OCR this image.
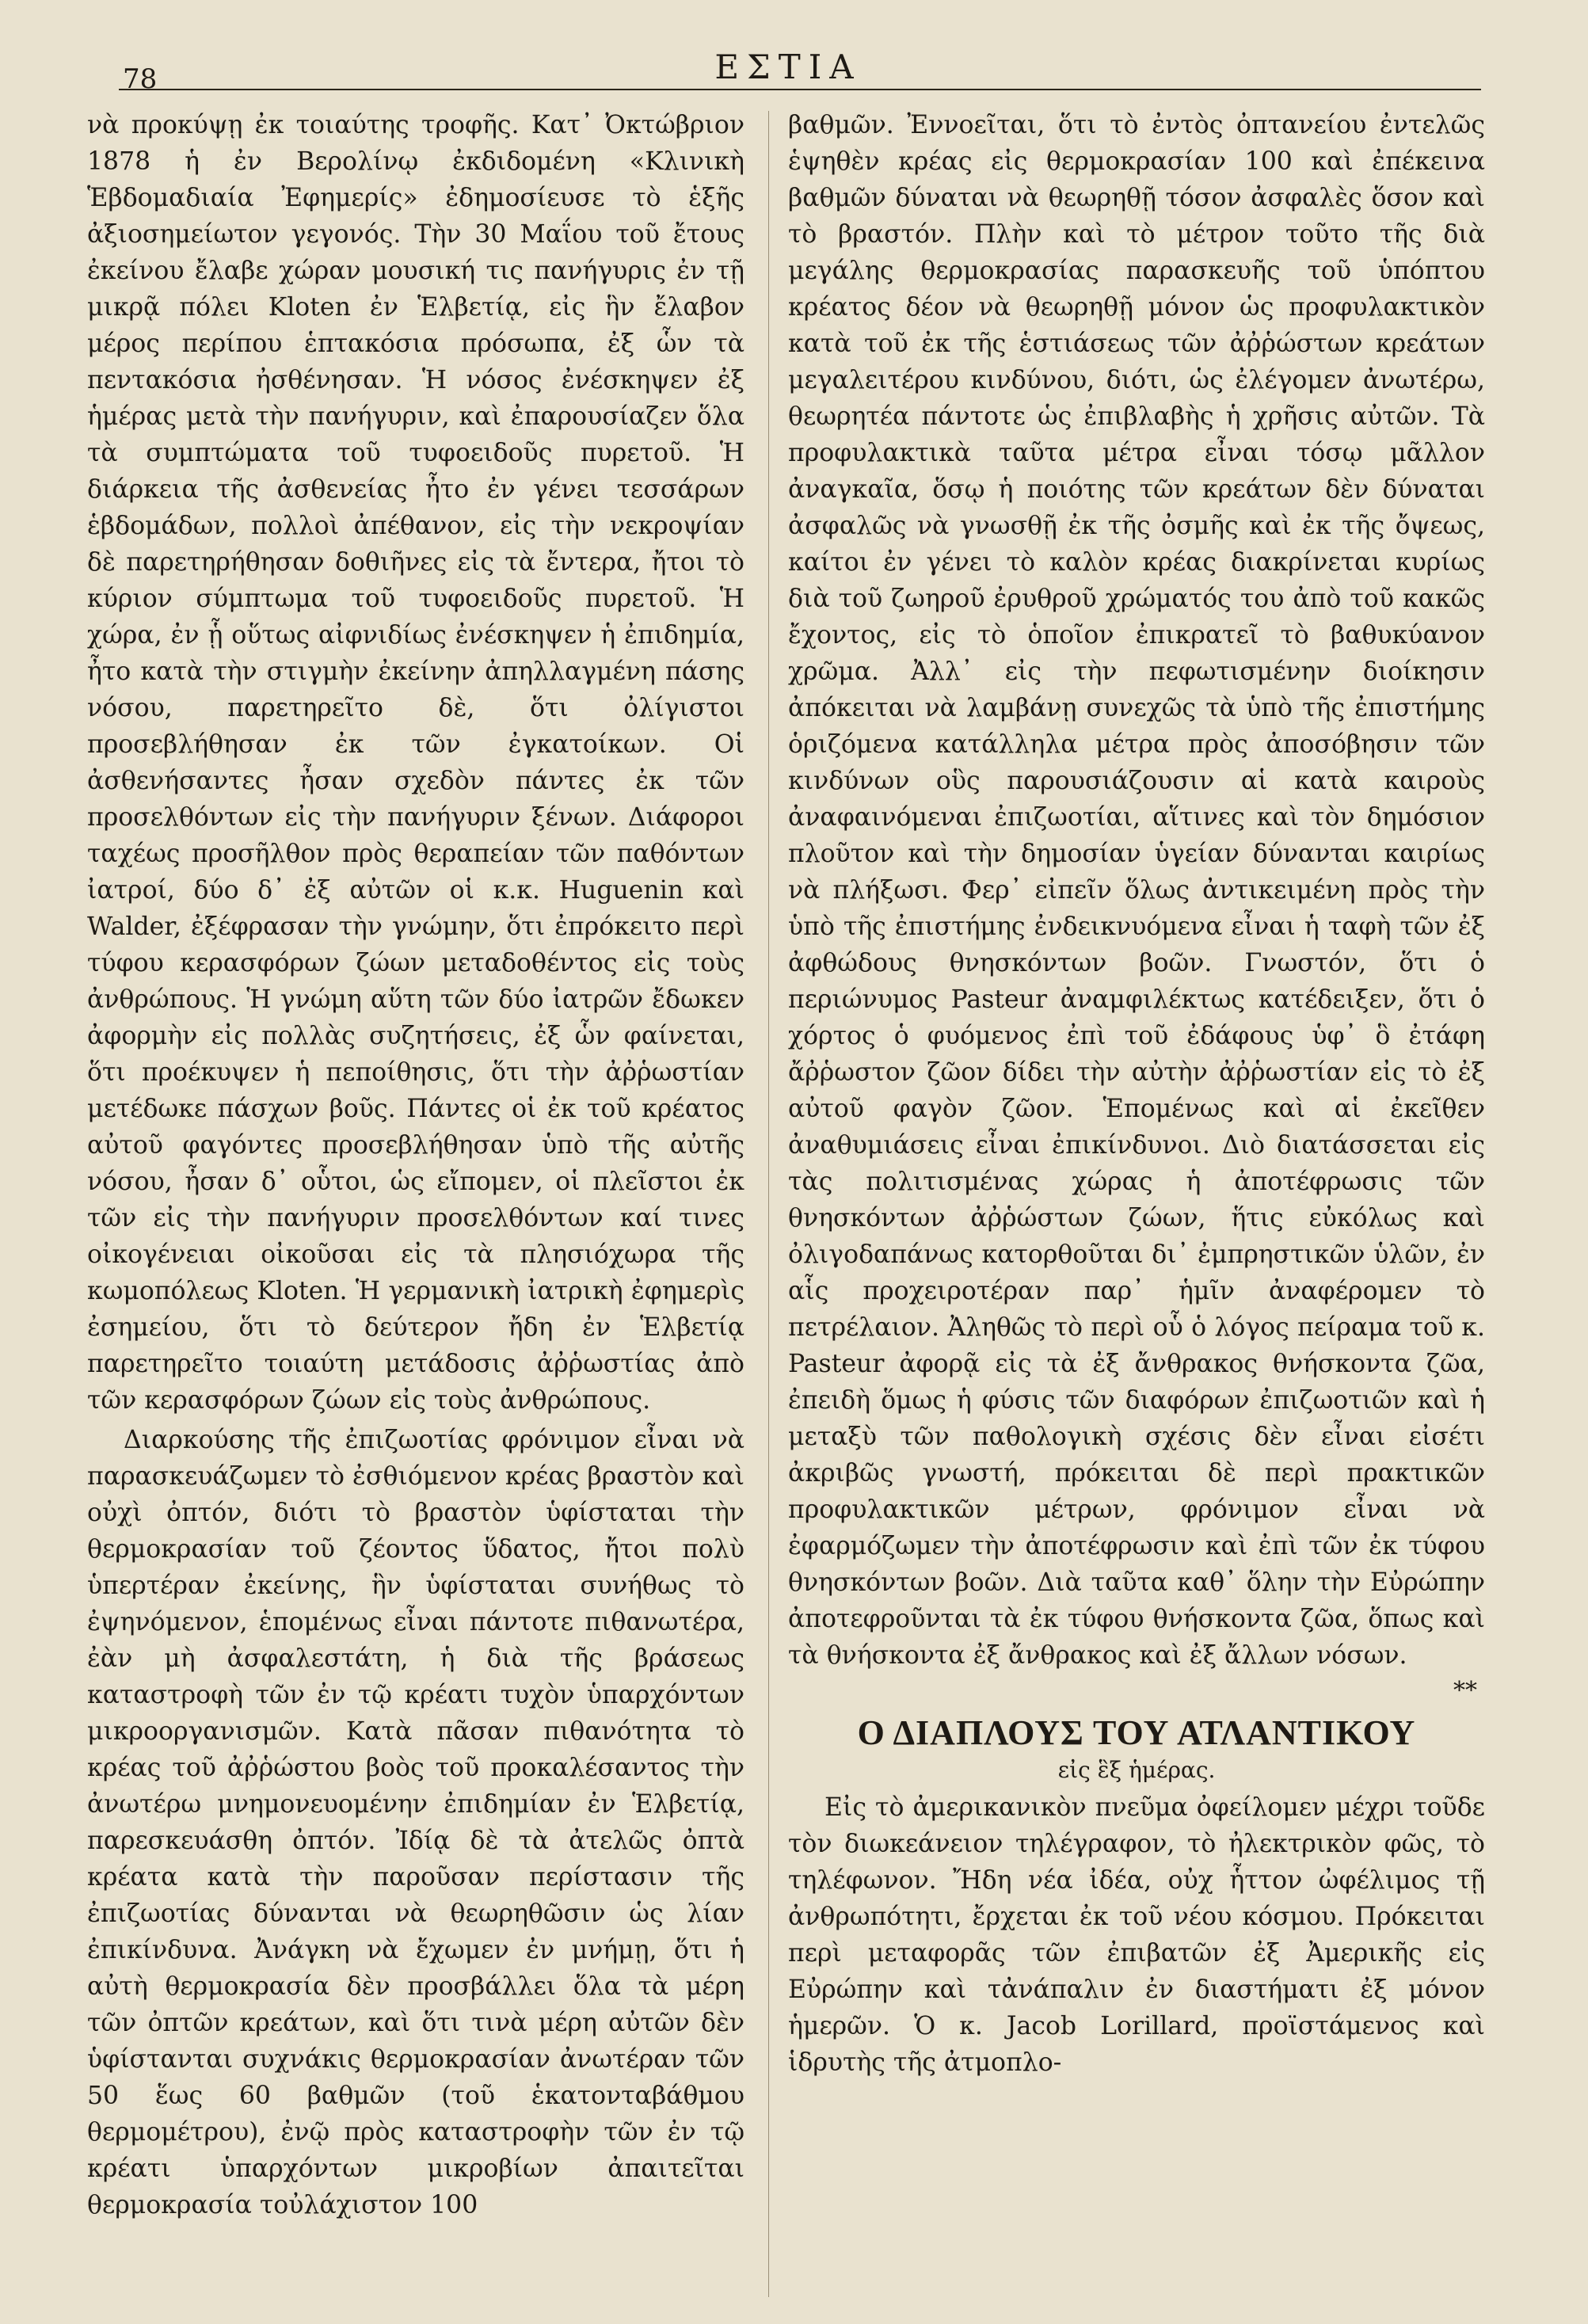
78	ΕΣΤΙΑ

νὰ προκύψῃ ἐκ τοιαύτης τροφῆς. Κατ᾽ Ὀκτώβριον 1878 ἡ ἐν Βερολίνῳ ἐκδιδομένη «Κλινικὴ Ἑβδομαδιαία Ἐφημερίς» ἐδημοσίευσε τὸ ἑξῆς ἀξιοσημείωτον γεγονός. Τὴν 30 Μαΐου τοῦ ἔτους ἐκείνου ἔλαβε χώραν μουσική τις πανήγυρις ἐν τῇ μικρᾷ πόλει Kloten ἐν Ἑλβετίᾳ, εἰς ἣν ἔλαβον μέρος περίπου ἑπτακόσια πρόσωπα, ἐξ ὧν τὰ πεντακόσια ἠσθένησαν. Ἡ νόσος ἐνέσκηψεν ἐξ ἡμέρας μετὰ τὴν πανήγυριν, καὶ ἐπαρουσίαζεν ὅλα τὰ συμπτώματα τοῦ τυφοειδοῦς πυρετοῦ. Ἡ διάρκεια τῆς ἀσθενείας ἦτο ἐν γένει τεσσάρων ἑβδομάδων, πολλοὶ ἀπέθανον, εἰς τὴν νεκροψίαν δὲ παρετηρήθησαν δοθιῆνες εἰς τὰ ἔντερα, ἤτοι τὸ κύριον σύμπτωμα τοῦ τυφοειδοῦς πυρετοῦ. Ἡ χώρα, ἐν ᾗ οὕτως αἰφνιδίως ἐνέσκηψεν ἡ ἐπιδημία, ἦτο κατὰ τὴν στιγμὴν ἐκείνην ἀπηλλαγμένη πάσης νόσου, παρετηρεῖτο δὲ, ὅτι ὀλίγιστοι προσεβλήθησαν ἐκ τῶν ἐγκατοίκων. Οἱ ἀσθενήσαντες ἦσαν σχεδὸν πάντες ἐκ τῶν προσελθόντων εἰς τὴν πανήγυριν ξένων. Διάφοροι ταχέως προσῆλθον πρὸς θεραπείαν τῶν παθόντων ἰατροί, δύο δ᾽ ἐξ αὐτῶν οἱ κ.κ. Huguenin καὶ Walder, ἐξέφρασαν τὴν γνώμην, ὅτι ἐπρόκειτο περὶ τύφου κερασφόρων ζώων μεταδοθέντος εἰς τοὺς ἀνθρώπους. Ἡ γνώμη αὕτη τῶν δύο ἰατρῶν ἔδωκεν ἀφορμὴν εἰς πολλὰς συζητήσεις, ἐξ ὧν φαίνεται, ὅτι προέκυψεν ἡ πεποίθησις, ὅτι τὴν ἀῤῥωστίαν μετέδωκε πάσχων βοῦς. Πάντες οἱ ἐκ τοῦ κρέατος αὐτοῦ φαγόντες προσεβλήθησαν ὑπὸ τῆς αὐτῆς νόσου, ἦσαν δ᾽ οὗτοι, ὡς εἴπομεν, οἱ πλεῖστοι ἐκ τῶν εἰς τὴν πανήγυριν προσελθόντων καί τινες οἰκογένειαι οἰκοῦσαι εἰς τὰ πλησιόχωρα τῆς κωμοπόλεως Kloten. Ἡ γερμανικὴ ἰατρικὴ ἐφημερὶς ἐσημείου, ὅτι τὸ δεύτερον ἤδη ἐν Ἑλβετίᾳ παρετηρεῖτο τοιαύτη μετάδοσις ἀῤῥωστίας ἀπὸ τῶν κερασφόρων ζώων εἰς τοὺς ἀνθρώπους.

Διαρκούσης τῆς ἐπιζωοτίας φρόνιμον εἶναι νὰ παρασκευάζωμεν τὸ ἐσθιόμενον κρέας βραστὸν καὶ οὐχὶ ὀπτόν, διότι τὸ βραστὸν ὑφίσταται τὴν θερμοκρασίαν τοῦ ζέοντος ὕδατος, ἤτοι πολὺ ὑπερτέραν ἐκείνης, ἣν ὑφίσταται συνήθως τὸ ἐψηνόμενον, ἑπομένως εἶναι πάντοτε πιθανωτέρα, ἐὰν μὴ ἀσφαλεστάτη, ἡ διὰ τῆς βράσεως καταστροφὴ τῶν ἐν τῷ κρέατι τυχὸν ὑπαρχόντων μικροοργανισμῶν. Κατὰ πᾶσαν πιθανότητα τὸ κρέας τοῦ ἀῤῥώστου βοὸς τοῦ προκαλέσαντος τὴν ἀνωτέρω μνημονευομένην ἐπιδημίαν ἐν Ἑλβετίᾳ, παρεσκευάσθη ὀπτόν. Ἰδίᾳ δὲ τὰ ἀτελῶς ὀπτὰ κρέατα κατὰ τὴν παροῦσαν περίστασιν τῆς ἐπιζωοτίας δύνανται νὰ θεωρηθῶσιν ὡς λίαν ἐπικίνδυνα. Ἀνάγκη νὰ ἔχωμεν ἐν μνήμῃ, ὅτι ἡ αὐτὴ θερμοκρασία δὲν προσβάλλει ὅλα τὰ μέρη τῶν ὀπτῶν κρεάτων, καὶ ὅτι τινὰ μέρη αὐτῶν δὲν ὑφίστανται συχνάκις θερμοκρασίαν ἀνωτέραν τῶν 50 ἕως 60 βαθμῶν (τοῦ ἑκατονταβάθμου θερμομέτρου), ἐνῷ πρὸς καταστροφὴν τῶν ἐν τῷ κρέατι ὑπαρχόντων μικροβίων ἀπαιτεῖται θερμοκρασία τοὐλάχιστον 100

βαθμῶν. Ἐννοεῖται, ὅτι τὸ ἐντὸς ὀπτανείου ἐντελῶς ἑψηθὲν κρέας εἰς θερμοκρασίαν 100 καὶ ἐπέκεινα βαθμῶν δύναται νὰ θεωρηθῇ τόσον ἀσφαλὲς ὅσον καὶ τὸ βραστόν. Πλὴν καὶ τὸ μέτρον τοῦτο τῆς διὰ μεγάλης θερμοκρασίας παρασκευῆς τοῦ ὑπόπτου κρέατος δέον νὰ θεωρηθῇ μόνον ὡς προφυλακτικὸν κατὰ τοῦ ἐκ τῆς ἑστιάσεως τῶν ἀῤῥώστων κρεάτων μεγαλειτέρου κινδύνου, διότι, ὡς ἐλέγομεν ἀνωτέρω, θεωρητέα πάντοτε ὡς ἐπιβλαβὴς ἡ χρῆσις αὐτῶν. Τὰ προφυλακτικὰ ταῦτα μέτρα εἶναι τόσῳ μᾶλλον ἀναγκαῖα, ὅσῳ ἡ ποιότης τῶν κρεάτων δὲν δύναται ἀσφαλῶς νὰ γνωσθῇ ἐκ τῆς ὀσμῆς καὶ ἐκ τῆς ὄψεως, καίτοι ἐν γένει τὸ καλὸν κρέας διακρίνεται κυρίως διὰ τοῦ ζωηροῦ ἐρυθροῦ χρώματός του ἀπὸ τοῦ κακῶς ἔχοντος, εἰς τὸ ὁποῖον ἐπικρατεῖ τὸ βαθυκύανον χρῶμα. Ἀλλ᾽ εἰς τὴν πεφωτισμένην διοίκησιν ἀπόκειται νὰ λαμβάνῃ συνεχῶς τὰ ὑπὸ τῆς ἐπιστήμης ὁριζόμενα κατάλληλα μέτρα πρὸς ἀποσόβησιν τῶν κινδύνων οὓς παρουσιάζουσιν αἱ κατὰ καιροὺς ἀναφαινόμεναι ἐπιζωοτίαι, αἵτινες καὶ τὸν δημόσιον πλοῦτον καὶ τὴν δημοσίαν ὑγείαν δύνανται καιρίως νὰ πλήξωσι. Φερ᾽ εἰπεῖν ὅλως ἀντικειμένη πρὸς τὴν ὑπὸ τῆς ἐπιστήμης ἐνδεικνυόμενα εἶναι ἡ ταφὴ τῶν ἐξ ἀφθώδους θνησκόντων βοῶν. Γνωστόν, ὅτι ὁ περιώνυμος Pasteur ἀναμφιλέκτως κατέδειξεν, ὅτι ὁ χόρτος ὁ φυόμενος ἐπὶ τοῦ ἐδάφους ὑφ᾽ ὃ ἐτάφη ἄῤῥωστον ζῶον δίδει τὴν αὐτὴν ἀῤῥωστίαν εἰς τὸ ἐξ αὐτοῦ φαγὸν ζῶον. Ἑπομένως καὶ αἱ ἐκεῖθεν ἀναθυμιάσεις εἶναι ἐπικίνδυνοι. Διὸ διατάσσεται εἰς τὰς πολιτισμένας χώρας ἡ ἀποτέφρωσις τῶν θνησκόντων ἀῤῥώστων ζώων, ἥτις εὐκόλως καὶ ὀλιγοδαπάνως κατορθοῦται δι᾽ ἐμπρηστικῶν ὑλῶν, ἐν αἷς προχειροτέραν παρ᾽ ἡμῖν ἀναφέρομεν τὸ πετρέλαιον. Ἀληθῶς τὸ περὶ οὗ ὁ λόγος πείραμα τοῦ κ. Pasteur ἀφορᾷ εἰς τὰ ἐξ ἄνθρακος θνήσκοντα ζῶα, ἐπειδὴ ὅμως ἡ φύσις τῶν διαφόρων ἐπιζωοτιῶν καὶ ἡ μεταξὺ τῶν παθολογικὴ σχέσις δὲν εἶναι εἰσέτι ἀκριβῶς γνωστή, πρόκειται δὲ περὶ πρακτικῶν προφυλακτικῶν μέτρων, φρόνιμον εἶναι νὰ ἐφαρμόζωμεν τὴν ἀποτέφρωσιν καὶ ἐπὶ τῶν ἐκ τύφου θνησκόντων βοῶν. Διὰ ταῦτα καθ᾽ ὅλην τὴν Εὐρώπην ἀποτεφροῦνται τὰ ἐκ τύφου θνήσκοντα ζῶα, ὅπως καὶ τὰ θνήσκοντα ἐξ ἄνθρακος καὶ ἐξ ἄλλων νόσων.

**
Ο ΔΙΑΠΛΟΥΣ ΤΟΥ ΑΤΛΑΝΤΙΚΟΥ
εἰς ἓξ ἡμέρας.

Εἰς τὸ ἀμερικανικὸν πνεῦμα ὀφείλομεν μέχρι τοῦδε τὸν διωκεάνειον τηλέγραφον, τὸ ἠλεκτρικὸν φῶς, τὸ τηλέφωνον. Ἤδη νέα ἰδέα, οὐχ ἧττον ὠφέλιμος τῇ ἀνθρωπότητι, ἔρχεται ἐκ τοῦ νέου κόσμου. Πρόκειται περὶ μεταφορᾶς τῶν ἐπιβατῶν ἐξ Ἀμερικῆς εἰς Εὐρώπην καὶ τἀνάπαλιν ἐν διαστήματι ἐξ μόνον ἡμερῶν. Ὁ κ. Jacob Lorillard, προϊστάμενος καὶ ἱδρυτὴς τῆς ἀτμοπλο-
